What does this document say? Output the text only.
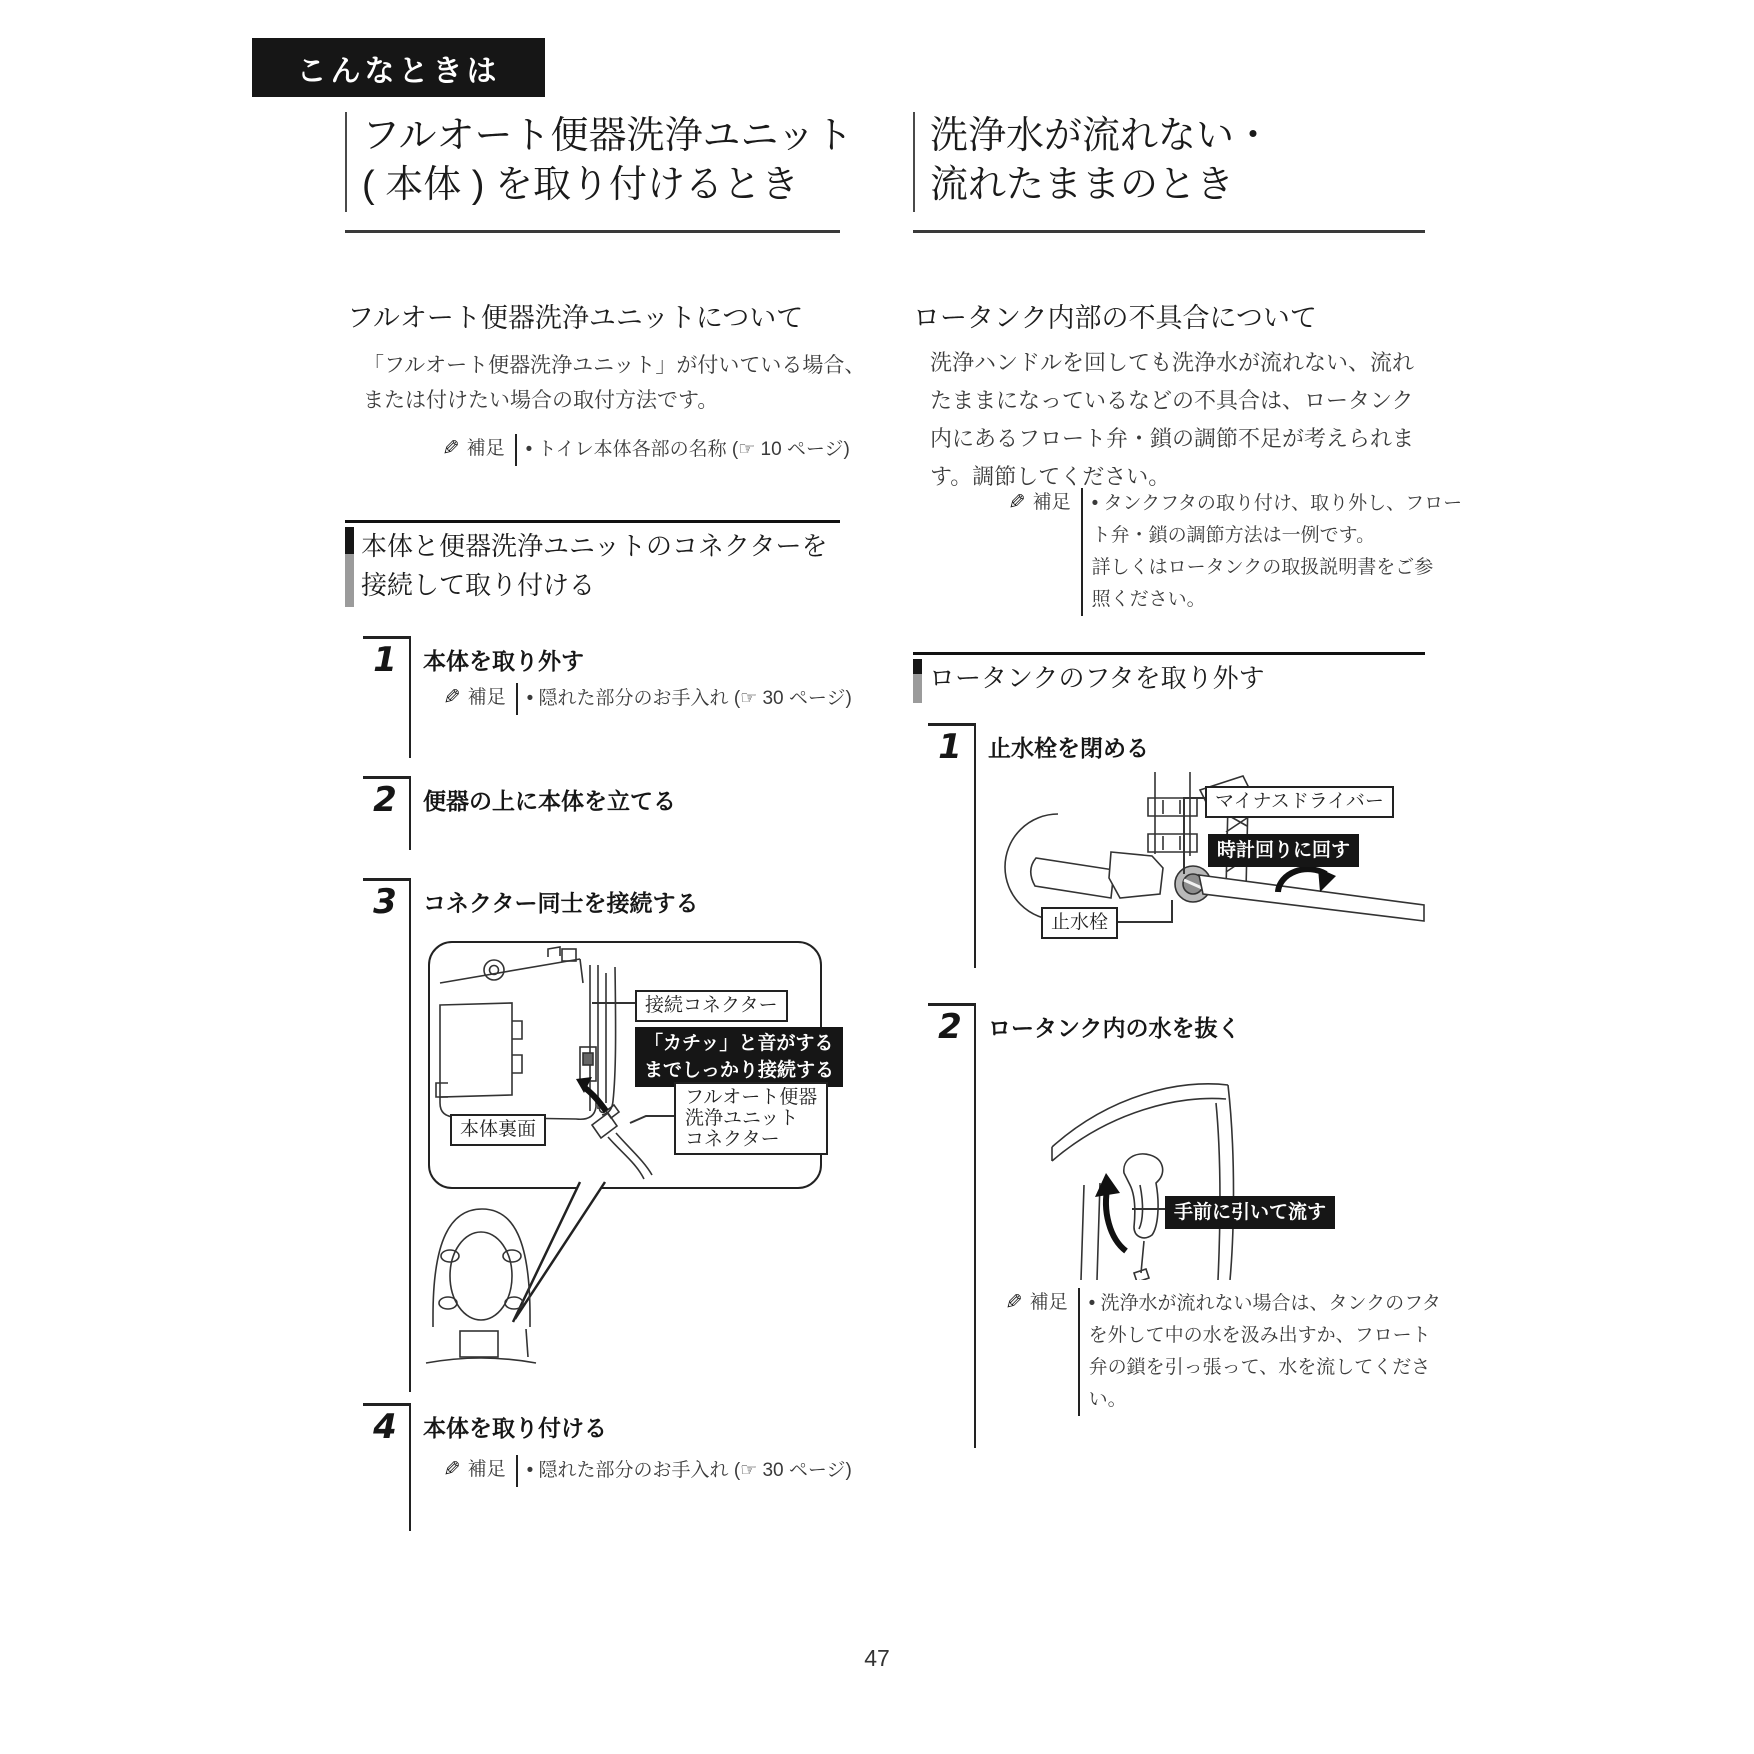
こんなときは
フルオート便器洗浄ユニット
( 本体 ) を取り付けるとき
洗浄水が流れない・
流れたままのとき
フルオート便器洗浄ユニットについて
「フルオート便器洗浄ユニット」が付いている場合、
または付けたい場合の取付方法です。
✎ 補足 • トイレ本体各部の名称 (☞ 10 ページ)
本体と便器洗浄ユニットのコネクターを
接続して取り付ける
1	本体を取り外す
✎ 補足 • 隠れた部分のお手入れ (☞ 30 ページ)
2	便器の上に本体を立てる
3	コネクター同士を接続する
接続コネクター
「カチッ」と音がする
までしっかり接続する
フルオート便器
洗浄ユニット
コネクター
本体裏面
4	本体を取り付ける
✎ 補足 • 隠れた部分のお手入れ (☞ 30 ページ)
ロータンク内部の不具合について
洗浄ハンドルを回しても洗浄水が流れない、流れ
たままになっているなどの不具合は、ロータンク
内にあるフロート弁・鎖の調節不足が考えられま
す。調節してください。
✎ 補足 • タンクフタの取り付け、取り外し、フロー
ト弁・鎖の調節方法は一例です。
詳しくはロータンクの取扱説明書をご参
照ください。
ロータンクのフタを取り外す
1	止水栓を閉める
マイナスドライバー
時計回りに回す
止水栓
2	ロータンク内の水を抜く
手前に引いて流す
✎ 補足 • 洗浄水が流れない場合は、タンクのフタ
を外して中の水を汲み出すか、フロート
弁の鎖を引っ張って、水を流してくださ
い。
47
